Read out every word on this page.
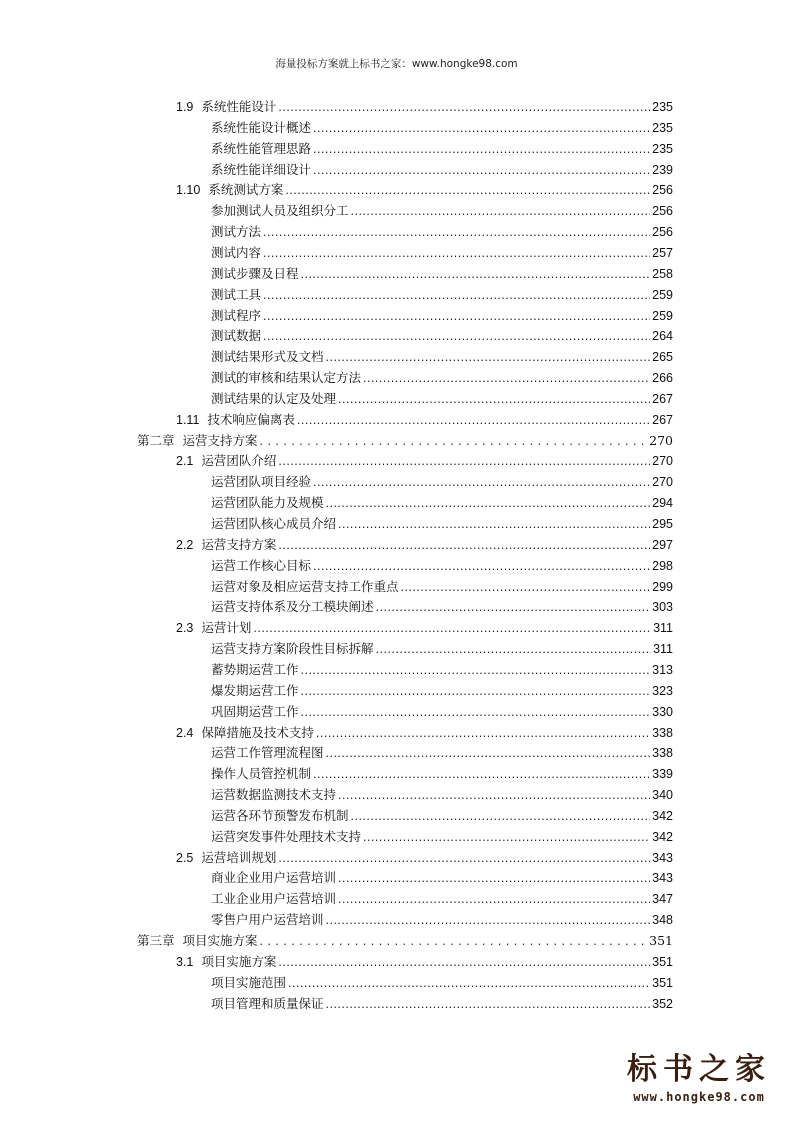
海量投标方案就上标书之家：www.hongke98.com
1.9 系统性能设计 .....	235
系统性能设计概述 .....	235
系统性能管理思路 .....	235
系统性能详细设计 .....	239
1.10 系统测试方案 .....	256
参加测试人员及组织分工 .....	256
测试方法 .....	256
测试内容 .....	257
测试步骤及日程 .....	258
测试工具 .....	259
测试程序 .....	259
测试数据 .....	264
测试结果形式及文档 .....	265
测试的审核和结果认定方法 .....	266
测试结果的认定及处理 .....	267
1.11 技术响应偏离表 .....	267
第二章 运营支持方案 . . .	270
2.1 运营团队介绍 .....	270
运营团队项目经验 .....	270
运营团队能力及规模 .....	294
运营团队核心成员介绍 .....	295
2.2 运营支持方案 .....	297
运营工作核心目标 .....	298
运营对象及相应运营支持工作重点 .....	299
运营支持体系及分工模块阐述 .....	303
2.3 运营计划 .....	311
运营支持方案阶段性目标拆解 .....	311
蓄势期运营工作 .....	313
爆发期运营工作 .....	323
巩固期运营工作 .....	330
2.4 保障措施及技术支持 .....	338
运营工作管理流程图 .....	338
操作人员管控机制 .....	339
运营数据监测技术支持 .....	340
运营各环节预警发布机制 .....	342
运营突发事件处理技术支持 .....	342
2.5 运营培训规划 .....	343
商业企业用户运营培训 .....	343
工业企业用户运营培训 .....	347
零售户用户运营培训 .....	348
第三章 项目实施方案 . . .	351
3.1 项目实施方案 .....	351
项目实施范围 .....	351
项目管理和质量保证 .....	352
标书之家
www.hongke98.com
